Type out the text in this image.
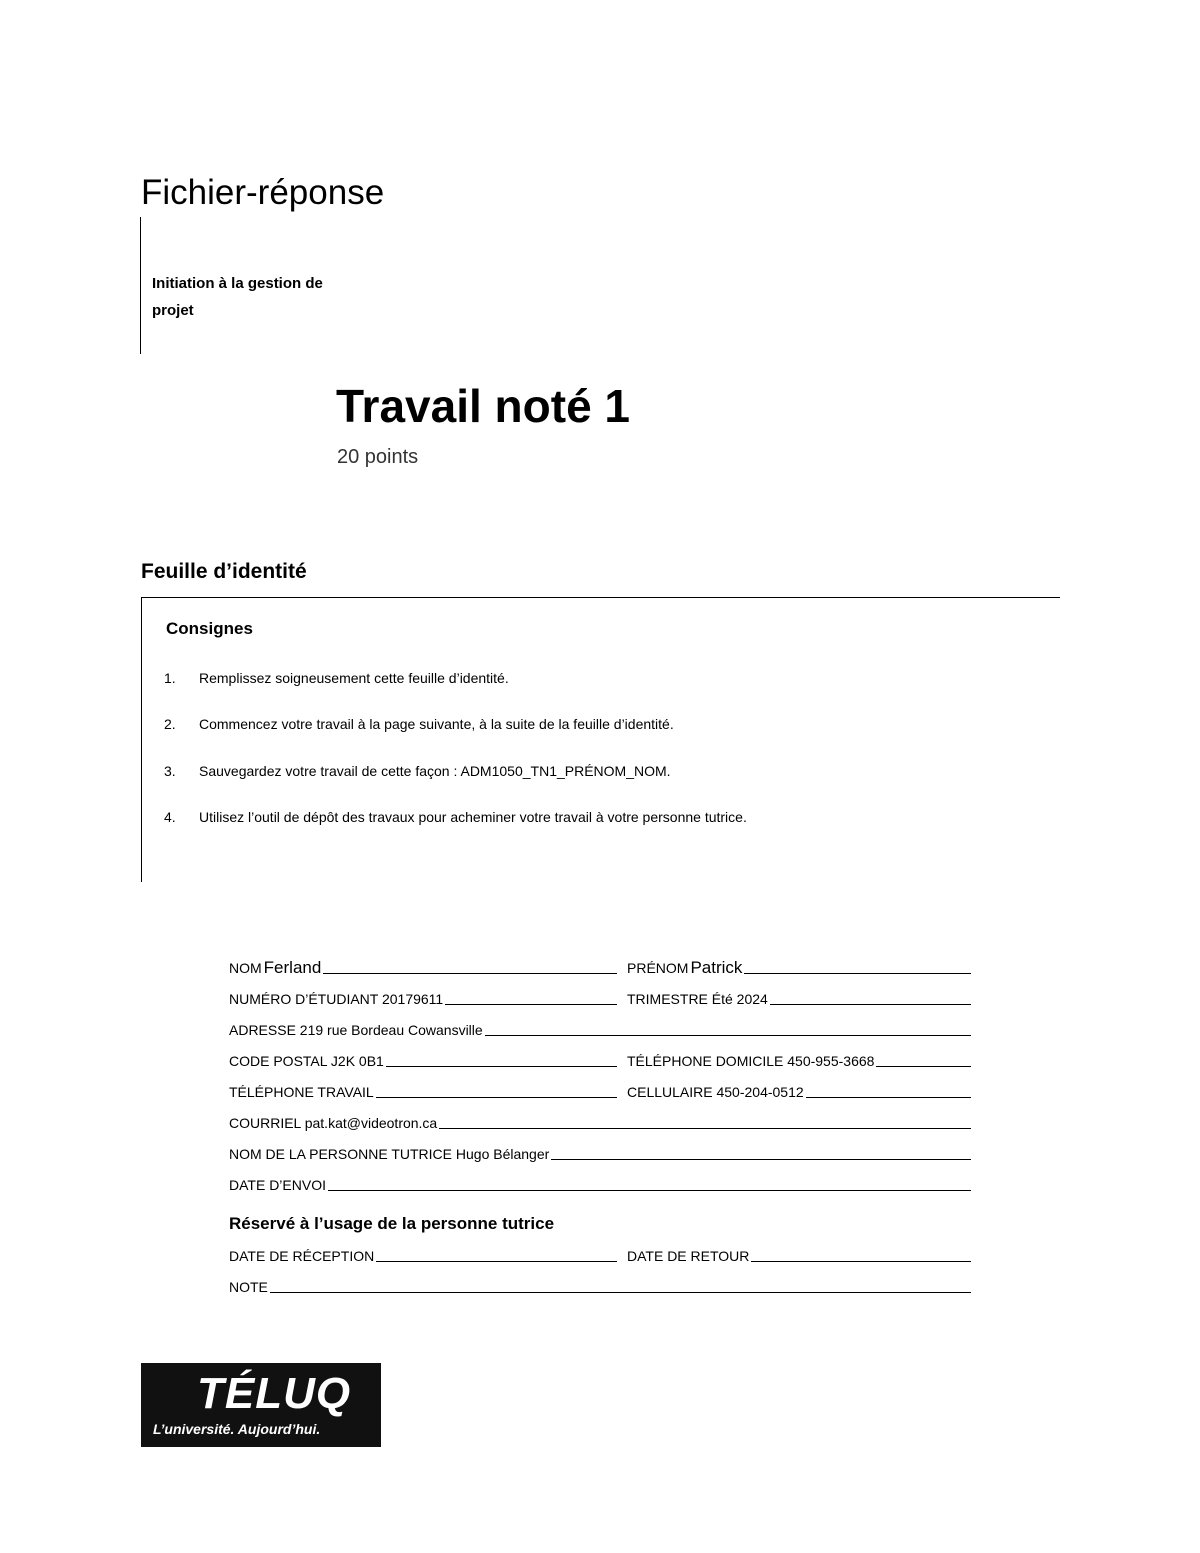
Fichier-réponse
Initiation à la gestion de projet
Travail noté 1
20 points
Feuille d’identité
Consignes
1. Remplissez soigneusement cette feuille d’identité.
2. Commencez votre travail à la page suivante, à la suite de la feuille d’identité.
3. Sauvegardez votre travail de cette façon : ADM1050_TN1_PRÉNOM_NOM.
4. Utilisez l’outil de dépôt des travaux pour acheminer votre travail à votre personne tutrice.
NOM Ferland	PRÉNOM Patrick
NUMÉRO D’ÉTUDIANT 20179611	TRIMESTRE Été 2024
ADRESSE 219 rue Bordeau Cowansville
CODE POSTAL J2K 0B1	TÉLÉPHONE DOMICILE 450-955-3668
TÉLÉPHONE TRAVAIL	CELLULAIRE 450-204-0512
COURRIEL pat.kat@videotron.ca
NOM DE LA PERSONNE TUTRICE Hugo Bélanger
DATE D’ENVOI
Réservé à l’usage de la personne tutrice
DATE DE RÉCEPTION	DATE DE RETOUR
NOTE
TÉLUQ
L’université. Aujourd’hui.
